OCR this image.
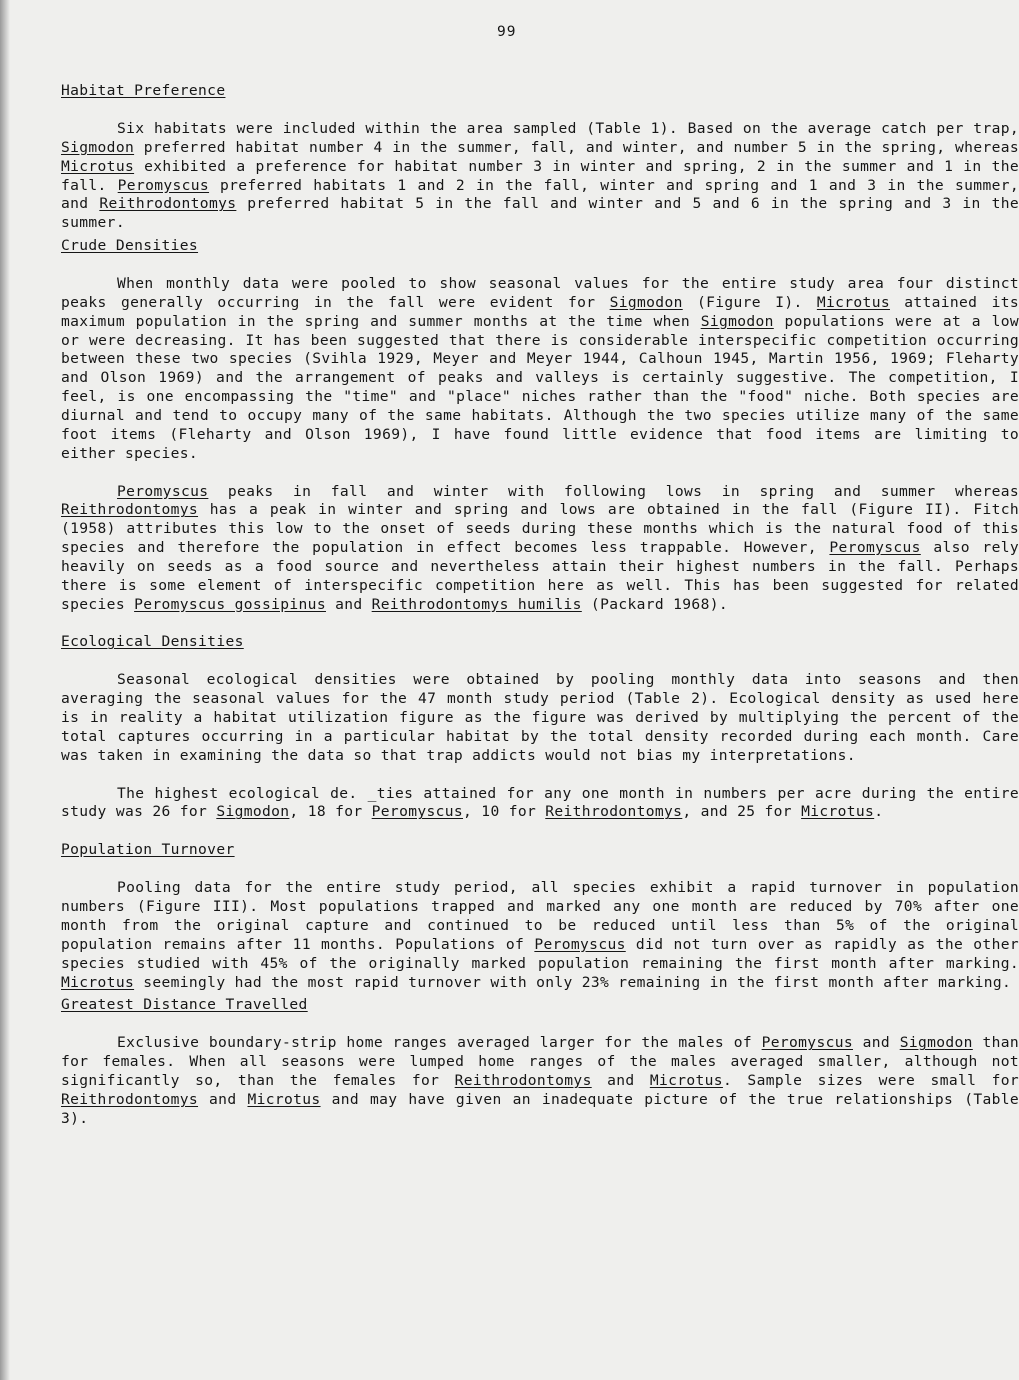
99
Habitat Preference

Six habitats were included within the area sampled (Table 1). Based on the average catch per trap, Sigmodon preferred habitat number 4 in the summer, fall, and winter, and number 5 in the spring, whereas Microtus exhibited a preference for habitat number 3 in winter and spring, 2 in the summer and 1 in the fall. Peromyscus preferred habitats 1 and 2 in the fall, winter and spring and 1 and 3 in the summer, and Reithrodontomys preferred habitat 5 in the fall and winter and 5 and 6 in the spring and 3 in the summer.

Crude Densities

When monthly data were pooled to show seasonal values for the entire study area four distinct peaks generally occurring in the fall were evident for Sigmodon (Figure I). Microtus attained its maximum population in the spring and summer months at the time when Sigmodon populations were at a low or were decreasing. It has been suggested that there is considerable interspecific competition occurring between these two species (Svihla 1929, Meyer and Meyer 1944, Calhoun 1945, Martin 1956, 1969; Fleharty and Olson 1969) and the arrangement of peaks and valleys is certainly suggestive. The competition, I feel, is one encompassing the "time" and "place" niches rather than the "food" niche. Both species are diurnal and tend to occupy many of the same habitats. Although the two species utilize many of the same foot items (Fleharty and Olson 1969), I have found little evidence that food items are limiting to either species.

Peromyscus peaks in fall and winter with following lows in spring and summer whereas Reithrodontomys has a peak in winter and spring and lows are obtained in the fall (Figure II). Fitch (1958) attributes this low to the onset of seeds during these months which is the natural food of this species and therefore the population in effect becomes less trappable. However, Peromyscus also rely heavily on seeds as a food source and nevertheless attain their highest numbers in the fall. Perhaps there is some element of interspecific competition here as well. This has been suggested for related species Peromyscus gossipinus and Reithrodontomys humilis (Packard 1968).

Ecological Densities

Seasonal ecological densities were obtained by pooling monthly data into seasons and then averaging the seasonal values for the 47 month study period (Table 2). Ecological density as used here is in reality a habitat utilization figure as the figure was derived by multiplying the percent of the total captures occurring in a particular habitat by the total density recorded during each month. Care was taken in examining the data so that trap addicts would not bias my interpretations.

The highest ecological de. _ties attained for any one month in numbers per acre during the entire study was 26 for Sigmodon, 18 for Peromyscus, 10 for Reithrodontomys, and 25 for Microtus.

Population Turnover

Pooling data for the entire study period, all species exhibit a rapid turnover in population numbers (Figure III). Most populations trapped and marked any one month are reduced by 70% after one month from the original capture and continued to be reduced until less than 5% of the original population remains after 11 months. Populations of Peromyscus did not turn over as rapidly as the other species studied with 45% of the originally marked population remaining the first month after marking. Microtus seemingly had the most rapid turnover with only 23% remaining in the first month after marking.

Greatest Distance Travelled

Exclusive boundary-strip home ranges averaged larger for the males of Peromyscus and Sigmodon than for females. When all seasons were lumped home ranges of the males averaged smaller, although not significantly so, than the females for Reithrodontomys and Microtus. Sample sizes were small for Reithrodontomys and Microtus and may have given an inadequate picture of the true relationships (Table 3).
